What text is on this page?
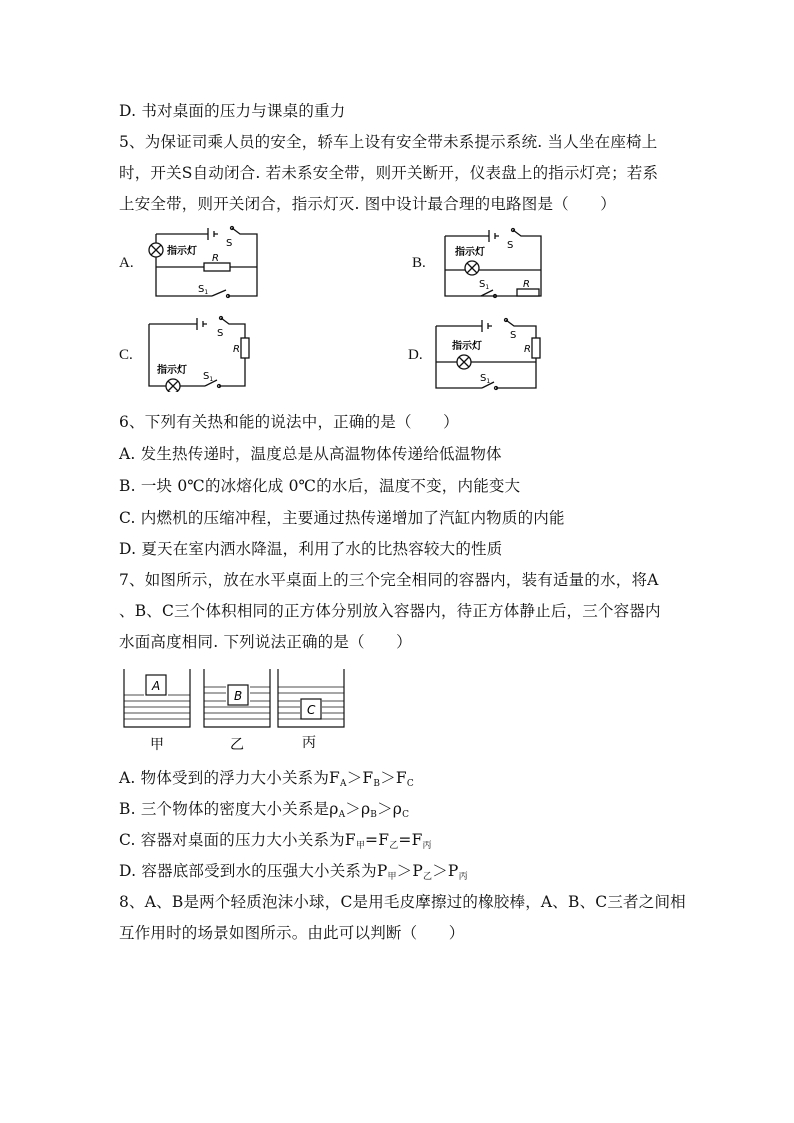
D. 书对桌面的压力与课桌的重力
5、为保证司乘人员的安全，轿车上设有安全带未系提示系统. 当人坐在座椅上
时，开关S自动闭合. 若未系安全带，则开关断开，仪表盘上的指示灯亮；若系
上安全带，则开关闭合，指示灯灭. 图中设计最合理的电路图是（　　）
A.	B.
C.	D.
指示灯
S
R
$S_1$
指示灯
S
R
$S_1$
指示灯
S
R
$S_1$
指示灯
S
R
$S_1$
6、下列有关热和能的说法中，正确的是（　　）
A. 发生热传递时，温度总是从高温物体传递给低温物体
B. 一块 0℃的冰熔化成 0℃的水后，温度不变，内能变大
C. 内燃机的压缩冲程，主要通过热传递增加了汽缸内物质的内能
D. 夏天在室内洒水降温，利用了水的比热容较大的性质
7、如图所示，放在水平桌面上的三个完全相同的容器内，装有适量的水，将A
、B、C三个体积相同的正方体分别放入容器内，待正方体静止后，三个容器内
水面高度相同. 下列说法正确的是（　　）
A
B
C
甲	乙	丙
A. 物体受到的浮力大小关系为$F_A>F_B>F_C$
B. 三个物体的密度大小关系是$\rho_A>\rho_B>\rho_C$
C. 容器对桌面的压力大小关系为$F_甲=F_乙=F_丙$
D. 容器底部受到水的压强大小关系为$P_甲>P_乙>P_丙$
8、A、B是两个轻质泡沫小球，C是用毛皮摩擦过的橡胶棒，A、B、C三者之间相
互作用时的场景如图所示。由此可以判断（　　）
